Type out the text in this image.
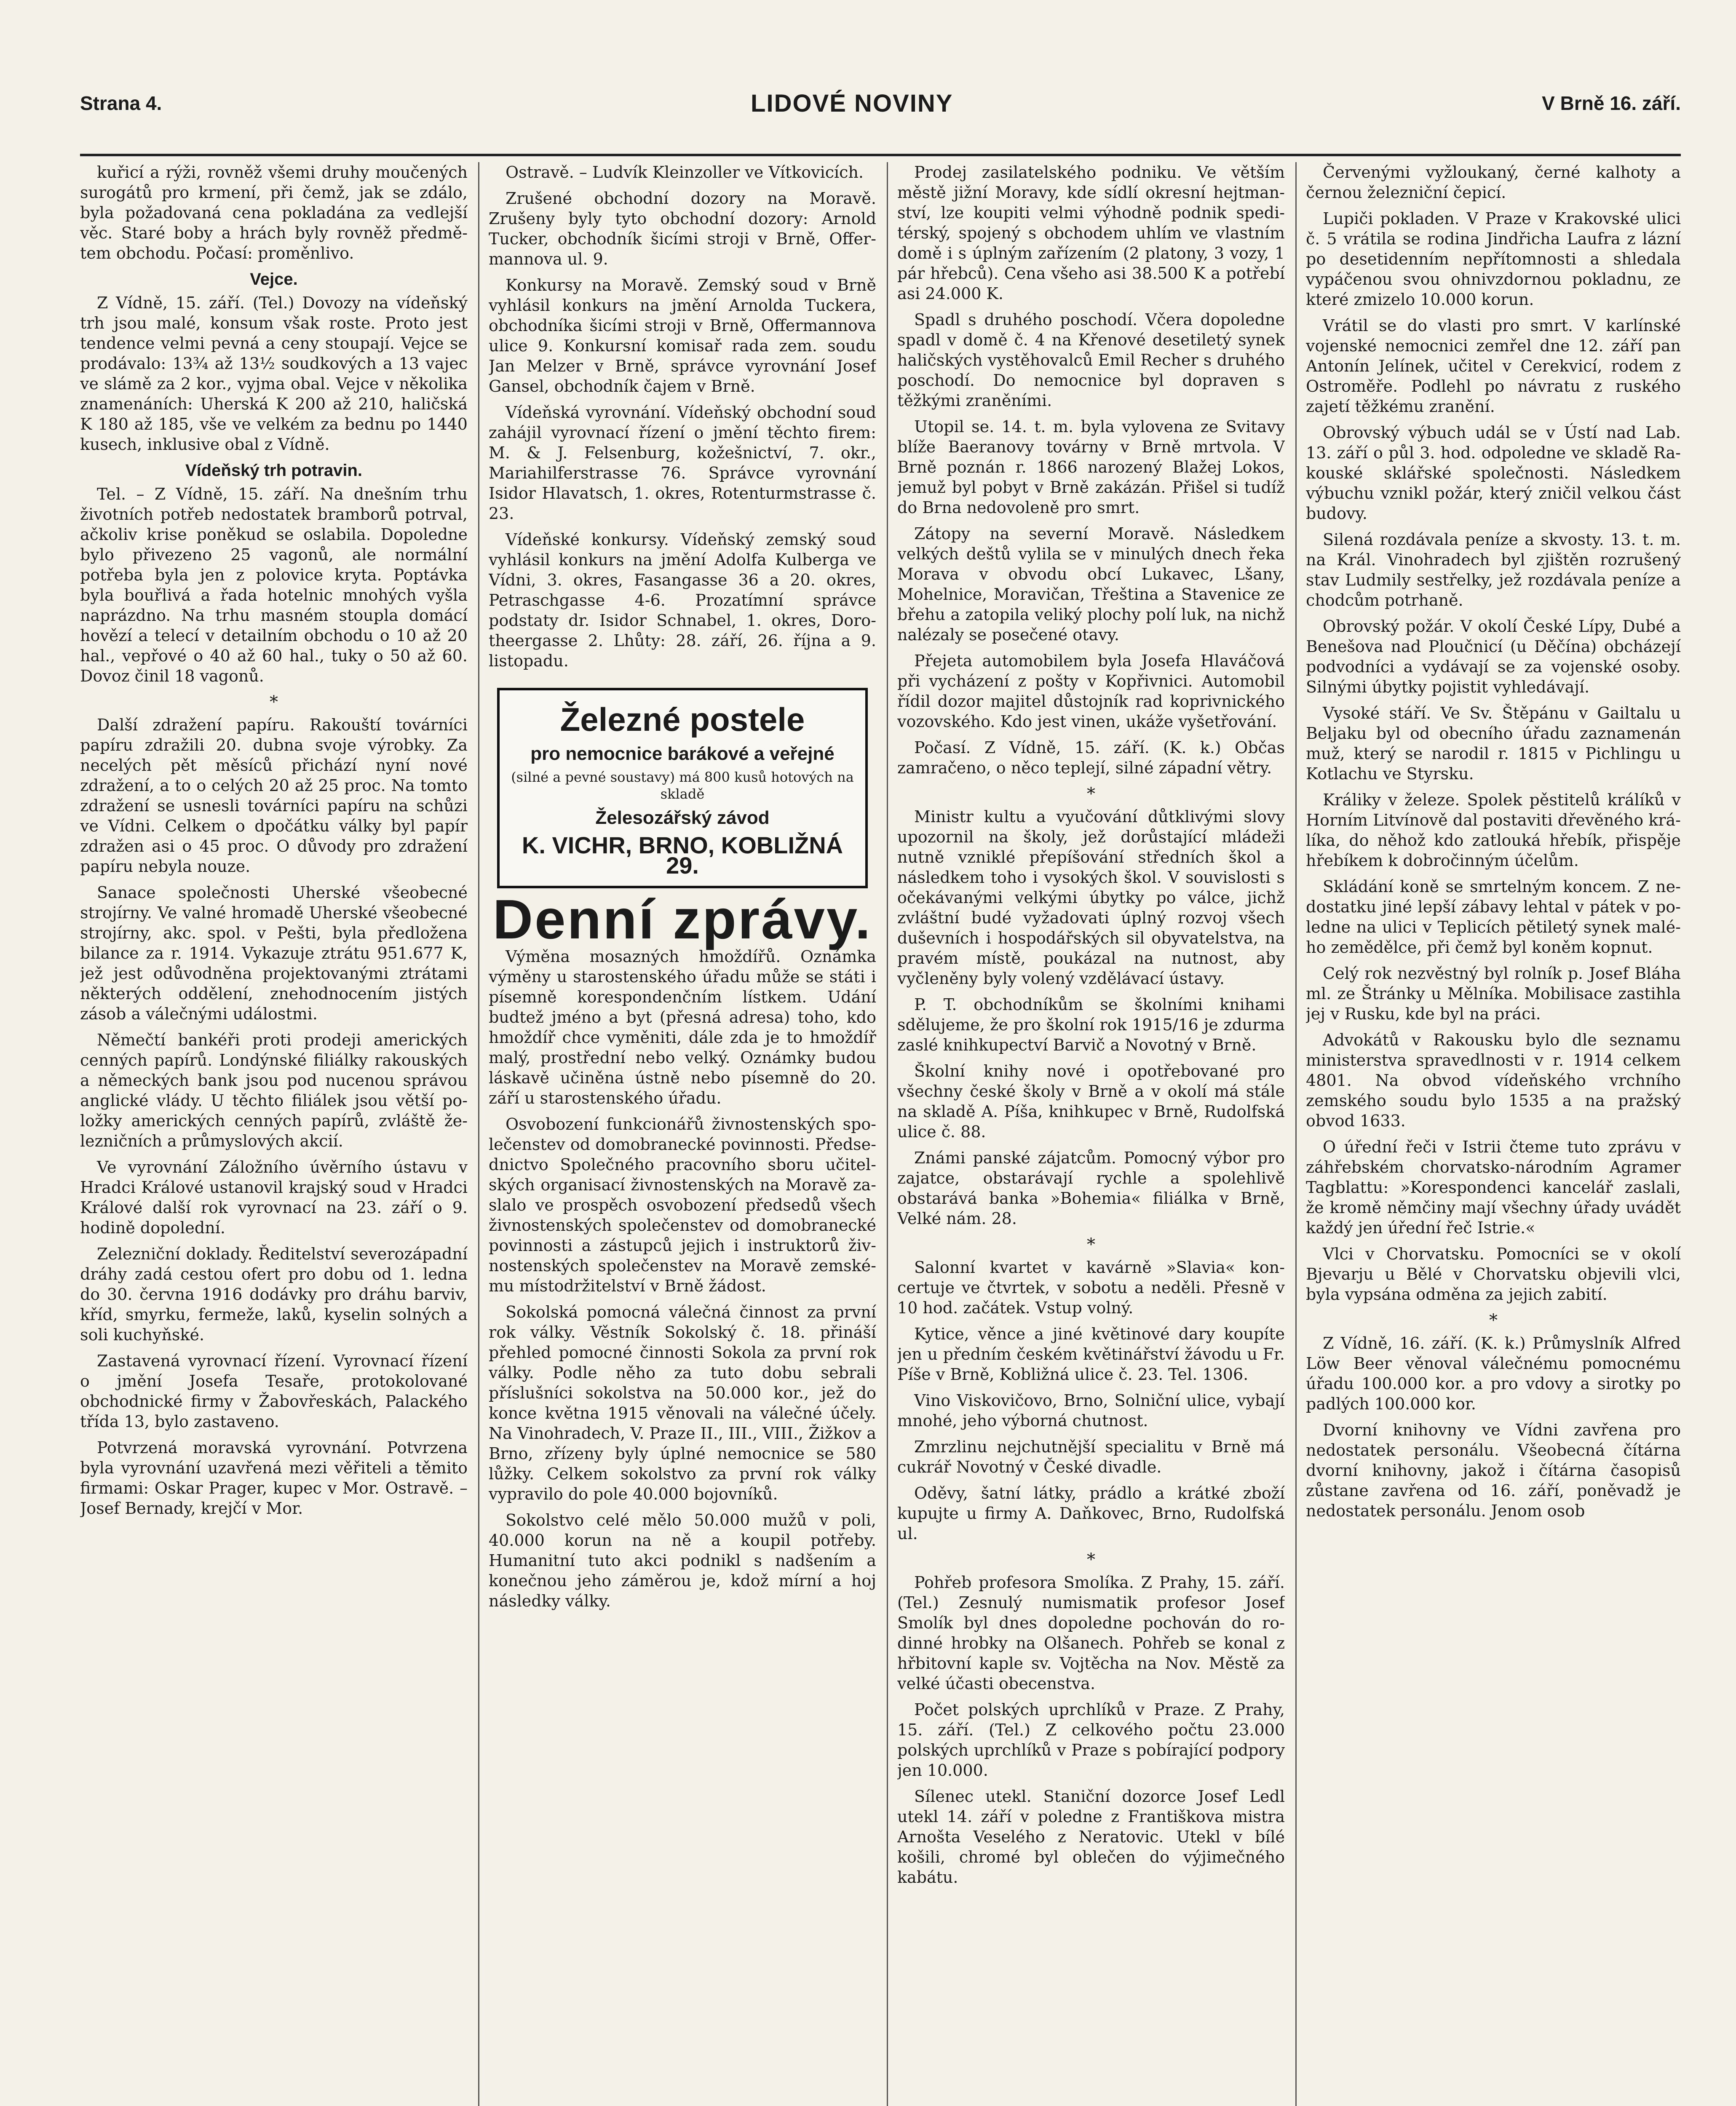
Strana 4.	LIDOVÉ NOVINY	V Brně 16. září.

kuřicí a rýži, rovněž všemi druhy moučených surogátů pro krmení, při čemž, jak se zdálo, byla požadovaná cena pokladána za vedlejší věc. Staré boby a hrách byly rovněž předmětem obchodu. Počasí: proměnlivo.

Vejce.

Z Vídně, 15. září. (Tel.) Dovozy na vídeňský trh jsou malé, konsum však roste. Proto jest tendence velmi pevná a ceny stoupají. Vejce se prodávalo: 13¾ až 13½ soudkových a 13 vajec ve slámě za 2 kor., vyjma obal. Vejce v několika znamenáních: Uherská K 200 až 210, haličská K 180 až 185, vše ve velkém za bednu po 1440 kusech, inklusive obal z Vídně.

Vídeňský trh potravin.

Tel. – Z Vídně, 15. září. Na dnešním trhu životních potřeb nedostatek bramborů potrval, ačkoliv krise poněkud se oslabila. Dopoledne bylo přivezeno 25 vagonů, ale normální potřeba byla jen z polovice kryta. Poptávka byla bouřlivá a řada hotelnic mnohých vyšla naprázdno. Na trhu masném stoupla domácí hovězí a telecí v detailním obchodu o 10 až 20 hal., vepřové o 40 až 60 hal., tuky o 50 až 60. Dovoz činil 18 vagonů.

*

Další zdražení papíru. Rakouští továrníci papíru zdražili 20. dubna svoje výrobky. Za necelých pět měsíců přichází nyní nové zdražení, a to o celých 20 až 25 proc. Na tomto zdražení se usnesli továrníci papíru na schůzi ve Vídni. Celkem o dpočátku války byl papír zdražen asi o 45 proc. O důvody pro zdražení papíru nebyla nouze.

Sanace společnosti Uherské všeobecné strojírny. Ve valné hromadě Uherské všeobecné strojírny, akc. spol. v Pešti, byla předložena bilance za r. 1914. Vykazuje ztrátu 951.677 K, jež jest odůvodněna projektovanými ztrátami některých oddělení, znehodnocením jistých zásob a válečnými událostmi.

Němečtí bankéři proti prodeji amerických cenných papírů. Londýnské filiálky rakouských a německých bank jsou pod nucenou správou anglické vlády. U těchto filiálek jsou větší položky amerických cenných papírů, zvláště železničních a průmyslových akcií.

Ve vyrovnání Záložního úvěrního ústavu v Hradci Králové ustanovil krajský soud v Hradci Králové další rok vyrovnací na 23. září o 9. hodině dopolední.

Zelezniční doklady. Ředitelství severozápadní dráhy zadá cestou ofert pro dobu od 1. ledna do 30. června 1916 dodávky pro dráhu barviv, kříd, smyrku, fermeže, laků, kyselin solných a soli kuchyňské.

Zastavená vyrovnací řízení. Vyrovnací řízení o jmění Josefa Tesaře, protokolované obchodnické firmy v Žabovřeskách, Palackého třída 13, bylo zastaveno.

Potvrzená moravská vyrovnání. Potvrzena byla vyrovnání uzavřená mezi věřiteli a těmito firmami: Oskar Prager, kupec v Mor. Ostravě. – Josef Bernady, krejčí v Mor.

Ostravě. – Ludvík Kleinzoller ve Vítkovicích.

Zrušené obchodní dozory na Moravě. Zrušeny byly tyto obchodní dozory: Arnold Tucker, obchodník šicími stroji v Brně, Offermannova ul. 9.

Konkursy na Moravě. Zemský soud v Brně vyhlásil konkurs na jmění Arnolda Tuckera, obchodníka šicími stroji v Brně, Offermannova ulice 9. Konkursní komisař rada zem. soudu Jan Melzer v Brně, správce vyrovnání Josef Gansel, obchodník čajem v Brně.

Vídeňská vyrovnání. Vídeňský obchodní soud zahájil vyrovnací řízení o jmění těchto firem: M. & J. Felsenburg, kožešnictví, 7. okr., Mariahilferstrasse 76. Správce vyrovnání Isidor Hlavatsch, 1. okres, Rotenturmstrasse č. 23.

Vídeňské konkursy. Vídeňský zemský soud vyhlásil konkurs na jmění Adolfa Kulberga ve Vídni, 3. okres, Fasangasse 36 a 20. okres, Petraschgasse 4-6. Prozatímní správce podstaty dr. Isidor Schnabel, 1. okres, Dorotheergasse 2. Lhůty: 28. září, 26. října a 9. listopadu.

Železné postele
pro nemocnice barákové a veřejné
(silné a pevné soustavy) má 800 kusů hotových na skladě
Želesozářský závod
K. VICHR, BRNO, KOBLIŽNÁ 29.
Denní zprávy.

Výměna mosazných hmoždířů. Oznámka výměny u starostenského úřadu může se státi i písemně korespondenčním lístkem. Udání budtež jméno a byt (přesná adresa) toho, kdo hmoždíř chce vyměniti, dále zda je to hmoždíř malý, prostřední nebo velký. Oznámky budou láskavě učiněna ústně nebo písemně do 20. září u starostenského úřadu.

Osvobození funkcionářů živnostenských společenstev od domobranecké povinnosti. Předsednictvo Společného pracovního sboru učitelských organisací živnostenských na Moravě zaslalo ve prospěch osvobození předsedů všech živnostenských společenstev od domobranecké povinnosti a zástupců jejich i instruktorů živnostenských společenstev na Moravě zemskému místodržitelství v Brně žádost.

Sokolská pomocná válečná činnost za první rok války. Věstník Sokolský č. 18. přináší přehled pomocné činnosti Sokola za první rok války. Podle něho za tuto dobu sebrali příslušníci sokolstva na 50.000 kor., jež do konce května 1915 věnovali na válečné účely. Na Vinohradech, V. Praze II., III., VIII., Žižkov a Brno, zřízeny byly úplné nemocnice se 580 lůžky. Celkem sokolstvo za první rok války vypravilo do pole 40.000 bojovníků.

Sokolstvo celé mělo 50.000 mužů v poli, 40.000 korun na ně a koupil potřeby. Humanitní tuto akci podnikl s nadšením a konečnou jeho záměrou je, kdož mírní a hoj následky války.

Prodej zasilatelského podniku. Ve větším městě jižní Moravy, kde sídlí okresní hejtmanství, lze koupiti velmi výhodně podnik speditérský, spojený s obchodem uhlím ve vlastním domě i s úplným zařízením (2 platony, 3 vozy, 1 pár hřebců). Cena všeho asi 38.500 K a potřebí asi 24.000 K.

Spadl s druhého poschodí. Včera dopoledne spadl v domě č. 4 na Křenové desetiletý synek haličských vystěhovalců Emil Recher s druhého poschodí. Do nemocnice byl dopraven s těžkými zraněními.

Utopil se. 14. t. m. byla vylovena ze Svitavy blíže Baeranovy továrny v Brně mrtvola. V Brně poznán r. 1866 narozený Blažej Lokos, jemuž byl pobyt v Brně zakázán. Přišel si tudíž do Brna nedovoleně pro smrt.

Zátopy na severní Moravě. Následkem velkých deštů vylila se v minulých dnech řeka Morava v obvodu obcí Lukavec, Lšany, Mohelnice, Moravičan, Třeština a Stavenice ze břehu a zatopila veliký plochy polí luk, na nichž nalézaly se posečené otavy.

Přejeta automobilem byla Josefa Hlaváčová při vycházení z pošty v Kopřivnici. Automobil řídil dozor majitel důstojník rad koprivnického vozovského. Kdo jest vinen, ukáže vyšetřování.

Počasí. Z Vídně, 15. září. (K. k.) Občas zamračeno, o něco teplejí, silné západní větry.

*

Ministr kultu a vyučování důtklivými slovy upozornil na školy, jež dorůstající mládeži nutně vzniklé přepíšování středních škol a následkem toho i vysokých škol. V souvislosti s očekávanými velkými úbytky po válce, jichž zvláštní budé vyžadovati úplný rozvoj všech duševních i hospodářských sil obyvatelstva, na pravém místě, poukázal na nutnost, aby vyčleněny byly volený vzdělávací ústavy.

P. T. obchodníkům se školními knihami sdělujeme, že pro školní rok 1915/16 je zdurma zaslé knihkupectví Barvič a Novotný v Brně.

Školní knihy nové i opotřebované pro všechny české školy v Brně a v okolí má stále na skladě A. Píša, knihkupec v Brně, Rudolfská ulice č. 88.

Známi panské zájatcům. Pomocný výbor pro zajatce, obstarávají rychle a spolehlivě obstarává banka »Bohemia« filiálka v Brně, Velké nám. 28.

*

Salonní kvartet v kavárně »Slavia« koncertuje ve čtvrtek, v sobotu a neděli. Přesně v 10 hod. začátek. Vstup volný.

Kytice, věnce a jiné květinové dary koupíte jen u předním českém květinářství žávodu u Fr. Píše v Brně, Kobližná ulice č. 23. Tel. 1306.

Vino Viskovičovo, Brno, Solniční ulice, vybají mnohé, jeho výborná chutnost.

Zmrzlinu nejchutnější specialitu v Brně má cukrář Novotný v České divadle.

Oděvy, šatní látky, prádlo a krátké zboží kupujte u firmy A. Daňkovec, Brno, Rudolfská ul.

*

Pohřeb profesora Smolíka. Z Prahy, 15. září. (Tel.) Zesnulý numismatik profesor Josef Smolík byl dnes dopoledne pochován do rodinné hrobky na Olšanech. Pohřeb se konal z hřbitovní kaple sv. Vojtěcha na Nov. Městě za velké účasti obecenstva.

Počet polských uprchlíků v Praze. Z Prahy, 15. září. (Tel.) Z celkového počtu 23.000 polských uprchlíků v Praze s pobírající podpory jen 10.000.

Sílenec utekl. Staniční dozorce Josef Ledl utekl 14. září v poledne z Františkova mistra Arnošta Veselého z Neratovic. Utekl v bílé košili, chromé byl oblečen do výjimečného kabátu.

Červenými vyžloukaný, černé kalhoty a černou železniční čepicí.

Lupiči pokladen. V Praze v Krakovské ulici č. 5 vrátila se rodina Jindřicha Laufra z lázní po desetidenním nepřítomnosti a shledala vypáčenou svou ohnivzdornou pokladnu, ze které zmizelo 10.000 korun.

Vrátil se do vlasti pro smrt. V karlínské vojenské nemocnici zemřel dne 12. září pan Antonín Jelínek, učitel v Cerekvicí, rodem z Ostroměře. Podlehl po návratu z ruského zajetí těžkému zranění.

Obrovský výbuch udál se v Ústí nad Lab. 13. září o půl 3. hod. odpoledne ve skladě Rakouské sklářské společnosti. Následkem výbuchu vznikl požár, který zničil velkou část budovy.

Silená rozdávala peníze a skvosty. 13. t. m. na Král. Vinohradech byl zjištěn rozrušený stav Ludmily sestřelky, jež rozdávala peníze a chodcům potrhaně.

Obrovský požár. V okolí České Lípy, Dubé a Benešova nad Ploučnicí (u Děčína) obcházejí podvodníci a vydávají se za vojenské osoby. Silnými úbytky pojistit vyhledávají.

Vysoké stáří. Ve Sv. Štěpánu v Gailtalu u Beljaku byl od obecního úřadu zaznamenán muž, který se narodil r. 1815 v Pichlingu u Kotlachu ve Styrsku.

Králiky v železe. Spolek pěstitelů králíků v Horním Litvínově dal postaviti dřevěného králíka, do něhož kdo zatlouká hřebík, přispěje hřebíkem k dobročinným účelům.

Skládání koně se smrtelným koncem. Z nedostatku jiné lepší zábavy lehtal v pátek v poledne na ulici v Teplicích pětiletý synek malého zemědělce, při čemž byl koněm kopnut.

Celý rok nezvěstný byl rolník p. Josef Bláha ml. ze Štránky u Mělníka. Mobilisace zastihla jej v Rusku, kde byl na práci.

Advokátů v Rakousku bylo dle seznamu ministerstva spravedlnosti v r. 1914 celkem 4801. Na obvod vídeňského vrchního zemského soudu bylo 1535 a na pražský obvod 1633.

O úřední řeči v Istrii čteme tuto zprávu v záhřebském chorvatsko-národním Agramer Tagblattu: »Korespondenci kancelář zaslali, že kromě němčiny mají všechny úřady uvádět každý jen úřední řeč Istrie.«

Vlci v Chorvatsku. Pomocníci se v okolí Bjevarju u Bělé v Chorvatsku objevili vlci, byla vypsána odměna za jejich zabití.

*

Z Vídně, 16. září. (K. k.) Průmyslník Alfred Löw Beer věnoval válečnému pomocnému úřadu 100.000 kor. a pro vdovy a sirotky po padlých 100.000 kor.

Dvorní knihovny ve Vídni zavřena pro nedostatek personálu. Všeobecná čítárna dvorní knihovny, jakož i čítárna časopisů zůstane zavřena od 16. září, poněvadž je nedostatek personálu. Jenom osob
